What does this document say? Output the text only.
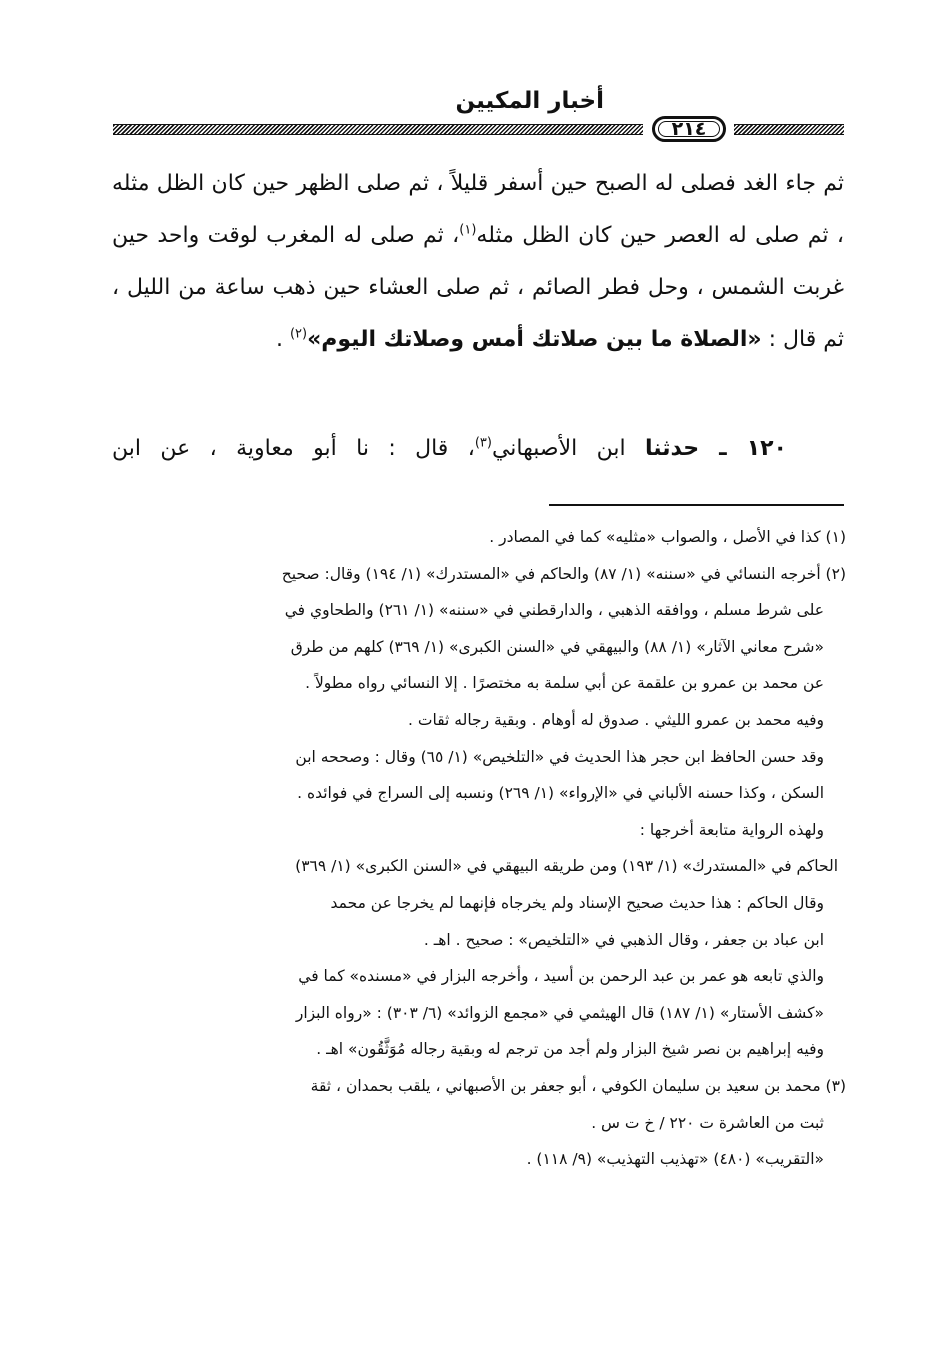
أخبار المكيين
٢١٤

ثم جاء الغد فصلى له الصبح حين أسفر قليلاً ، ثم صلى الظهر حين كان الظل مثله ، ثم صلى له العصر حين كان الظل مثله$^{(١)}$، ثم صلى له المغرب لوقت واحد حين غربت الشمس ، وحل فطر الصائم ، ثم صلى العشاء حين ذهب ساعة من الليل ، ثم قال : «الصلاة ما بين صلاتك أمس وصلاتك اليوم»$^{(٢)}$ .

١٢٠ ـ حدثنا ابن الأصبهاني$^{(٣)}$، قال : نا أبو معاوية ، عن ابن
(١) كذا في الأصل ، والصواب «مثليه» كما في المصادر .
(٢) أخرجه النسائي في «سننه» (١/ ٨٧) والحاكم في «المستدرك» (١/ ١٩٤) وقال: صحيح
على شرط مسلم ، ووافقه الذهبي ، والدارقطني في «سننه» (١/ ٢٦١) والطحاوي في
«شرح معاني الآثار» (١/ ٨٨) والبيهقي في «السنن الكبرى» (١/ ٣٦٩) كلهم من طرق
عن محمد بن عمرو بن علقمة عن أبي سلمة به مختصرًا . إلا النسائي رواه مطولاً .
وفيه محمد بن عمرو الليثي . صدوق له أوهام . وبقية رجاله ثقات .
وقد حسن الحافظ ابن حجر هذا الحديث في «التلخيص» (١/ ٦٥) وقال : وصححه ابن
السكن ، وكذا حسنه الألباني في «الإرواء» (١/ ٢٦٩) ونسبه إلى السراج في فوائده .
ولهذه الرواية متابعة أخرجها :
الحاكم في «المستدرك» (١/ ١٩٣) ومن طريقه البيهقي في «السنن الكبرى» (١/ ٣٦٩)
وقال الحاكم : هذا حديث صحيح الإسناد ولم يخرجاه فإنهما لم يخرجا عن محمد
ابن عباد بن جعفر ، وقال الذهبي في «التلخيص» : صحيح . اهـ .
والذي تابعه هو عمر بن عبد الرحمن بن أسيد ، وأخرجه البزار في «مسنده» كما في
«كشف الأستار» (١/ ١٨٧) قال الهيثمي في «مجمع الزوائد» (٦/ ٣٠٣) : «رواه البزار
وفيه إبراهيم بن نصر شيخ البزار ولم أجد من ترجم له وبقية رجاله مُوَثَّقُون» اهـ .
(٣) محمد بن سعيد بن سليمان الكوفي ، أبو جعفر بن الأصبهاني ، يلقب بحمدان ، ثقة
ثبت من العاشرة ت ٢٢٠ / خ ت س .
«التقريب» (٤٨٠) «تهذيب التهذيب» (٩/ ١١٨) .
